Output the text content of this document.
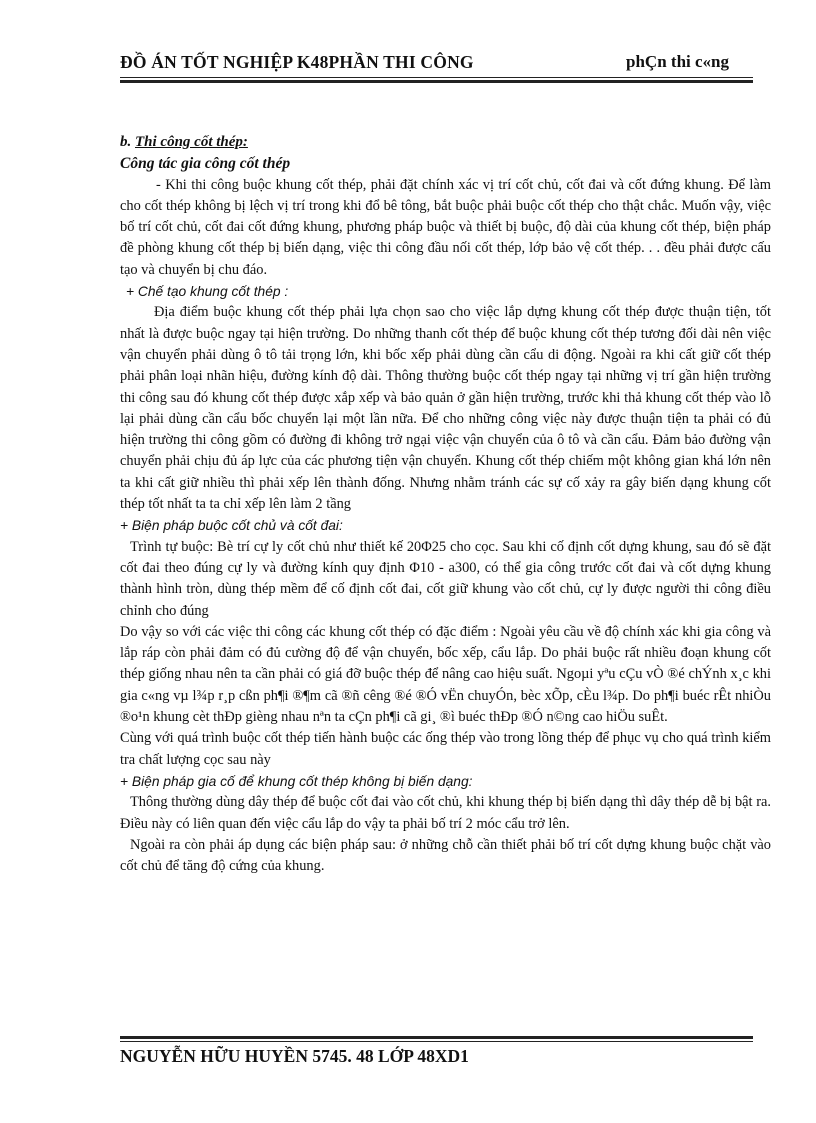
ĐỒ ÁN TỐT NGHIỆP K48PHẦN THI CÔNG	phÇn thi c«ng

b. Thi công cốt thép:

Công tác gia công cốt thép

- Khi thi công buộc khung cốt thép, phải đặt chính xác vị trí cốt chủ, cốt đai và cốt đứng khung. Để làm cho cốt thép không bị lệch vị trí trong khi đổ bê tông, bắt buộc phải buộc cốt thép cho thật chắc. Muốn vậy, việc bố trí cốt chủ, cốt đai cốt đứng khung, phương pháp buộc và thiết bị buộc, độ dài của khung cốt thép, biện pháp đề phòng khung cốt thép bị biến dạng, việc thi công đầu nối cốt thép, lớp bảo vệ cốt thép. . . đều phải được cấu tạo và chuyển bị chu đáo.

+ Chế tạo khung cốt thép :

Địa điểm buộc khung cốt thép phải lựa chọn sao cho việc lắp dựng khung cốt thép được thuận tiện, tốt nhất là được buộc ngay tại hiện trường. Do những thanh cốt thép để buộc khung cốt thép tương đối dài nên việc vận chuyển phải dùng ô tô tải trọng lớn, khi bốc xếp phải dùng cần cẩu di động. Ngoài ra khi cất giữ cốt thép phải phân loại nhãn hiệu, đường kính độ dài. Thông thường buộc cốt thép ngay tại những vị trí gần hiện trường thi công sau đó khung cốt thép được xắp xếp và bảo quản ở gần hiện trường, trước khi thả khung cốt thép vào lỗ lại phải dùng cần cẩu bốc chuyển lại một lần nữa. Để cho những công việc này được thuận tiện ta phải có đủ hiện trường thi công gồm có đường đi không trở ngại việc vận chuyển của ô tô và cần cẩu. Đảm bảo đường vận chuyển phải chịu đủ áp lực của các phương tiện vận chuyển. Khung cốt thép chiếm một không gian khá lớn nên ta khi cất giữ nhiều thì phải xếp lên thành đống. Nhưng nhằm tránh các sự cố xảy ra gây biến dạng khung cốt thép tốt nhất ta ta chỉ xếp lên làm 2 tầng

+ Biện pháp buộc cốt chủ và cốt đai:

Trình tự buộc: Bè trí cự ly cốt chủ như thiết kế 20Φ25 cho cọc. Sau khi cố định cốt dựng khung, sau đó sẽ đặt cốt đai theo đúng cự ly và đường kính quy định Φ10 - a300, có thể gia công trước cốt đai và cốt dựng khung thành hình tròn, dùng thép mềm để cố định cốt đai, cốt giữ khung vào cốt chủ, cự ly được người thi công điều chỉnh cho đúng

Do vậy so với các việc thi công các khung cốt thép có đặc điểm : Ngoài yêu cầu về độ chính xác khi gia công và lắp ráp còn phải đảm có đủ cường độ để vận chuyển, bốc xếp, cẩu lắp. Do phải buộc rất nhiều đoạn khung cốt thép giống nhau nên ta cần phải có giá đỡ buộc thép để nâng cao hiệu suất. Ngoµi yªu cÇu vÒ ®é chÝnh x¸c khi gia c«ng vµ l¾p r¸p cßn ph¶i ®¶m cã ®ñ cêng ®é ®Ó vËn chuyÓn, bèc xÕp, cÈu l¾p. Do ph¶i buéc rÊt nhiÒu ®o¹n khung cèt thÐp gièng nhau nªn ta cÇn ph¶i cã gi¸ ®ì buéc thÐp ®Ó n©ng cao hiÖu suÊt.

Cùng với quá trình buộc cốt thép tiến hành buộc các ống thép vào trong lồng thép để phục vụ cho quá trình kiểm tra chất lượng cọc sau này

+ Biện pháp gia cố để khung cốt thép không bị biến dạng:

Thông thường dùng dây thép để buộc cốt đai vào cốt chủ, khi khung thép bị biến dạng thì dây thép dễ bị bật ra. Điều này có liên quan đến việc cẩu lắp do vậy ta phải bố trí 2 móc cẩu trở lên.

Ngoài ra còn phải áp dụng các biện pháp sau: ở những chỗ cần thiết phải bố trí cốt dựng khung buộc chặt vào cốt chủ để tăng độ cứng của khung.

NGUYỄN HỮU HUYỀN 5745. 48 LỚP 48XD1
